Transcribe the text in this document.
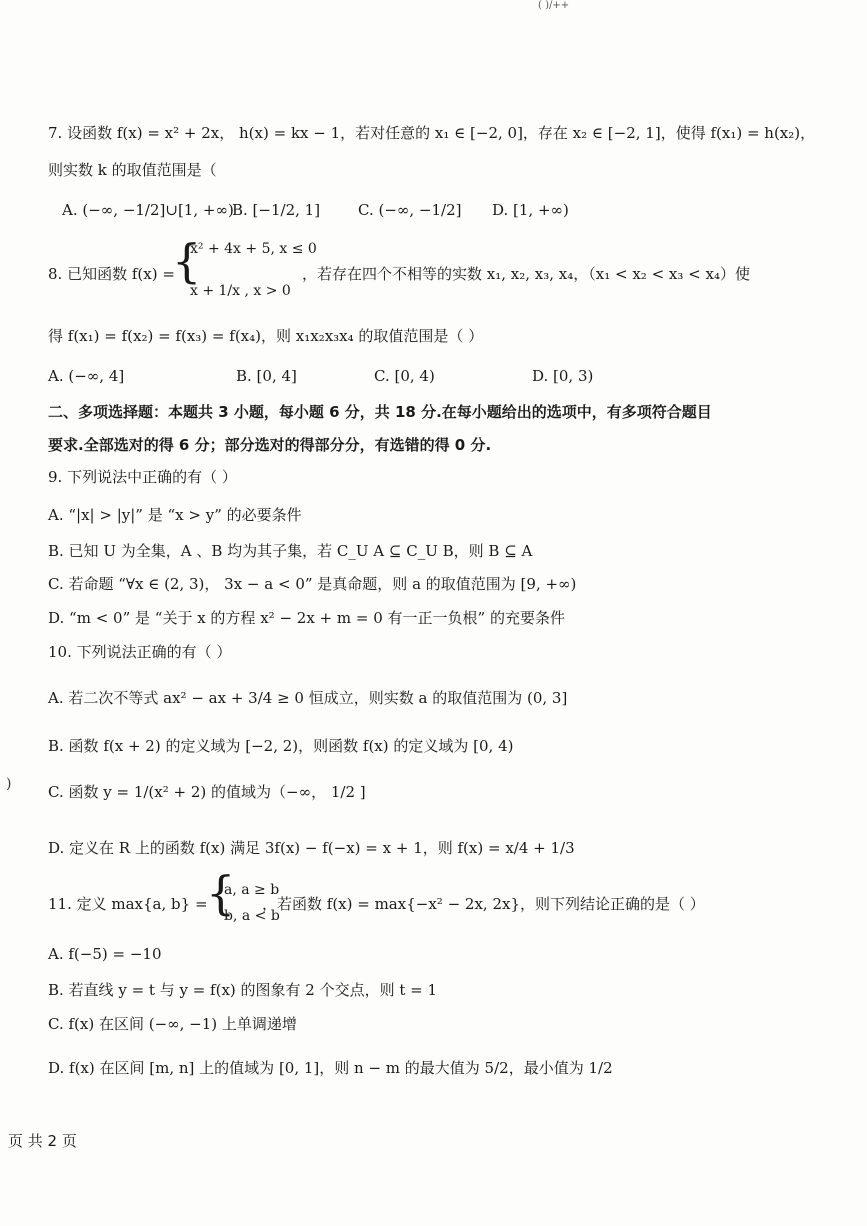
( )/++
7. 设函数 f(x) = x² + 2x， h(x) = kx − 1，若对任意的 x₁ ∈ [−2, 0]，存在 x₂ ∈ [−2, 1]，使得 f(x₁) = h(x₂)，
则实数 k 的取值范围是（
A. (−∞, −1/2]∪[1, +∞)
B. [−1/2, 1]	C. (−∞, −1/2] D. [1, +∞)
8. 已知函数 f(x) =
{
x² + 4x + 5, x ≤ 0
x + 1/x , x > 0
，若存在四个不相等的实数 x₁, x₂, x₃, x₄，（x₁ < x₂ < x₃ < x₄）使
得 f(x₁) = f(x₂) = f(x₃) = f(x₄)，则 x₁x₂x₃x₄ 的取值范围是（ ）
A. (−∞, 4]	B. [0, 4]	C. [0, 4)	D. [0, 3)
二、多项选择题：本题共 3 小题，每小题 6 分，共 18 分.在每小题给出的选项中，有多项符合题目
要求.全部选对的得 6 分；部分选对的得部分分，有选错的得 0 分.
9. 下列说法中正确的有（ ）
A. “|x| > |y|” 是 “x > y” 的必要条件
B. 已知 U 为全集，A 、B 均为其子集，若 C_U A ⊆ C_U B，则 B ⊆ A
C. 若命题 “∀x ∈ (2, 3)， 3x − a < 0” 是真命题，则 a 的取值范围为 [9, +∞)
D. “m < 0” 是 “关于 x 的方程 x² − 2x + m = 0 有一正一负根” 的充要条件
10. 下列说法正确的有（ ）
A. 若二次不等式 ax² − ax + 3/4 ≥ 0 恒成立，则实数 a 的取值范围为 (0, 3]
B. 函数 f(x + 2) 的定义域为 [−2, 2)，则函数 f(x) 的定义域为 [0, 4)
) C. 函数 y = 1/(x² + 2) 的值域为（−∞， 1/2 ]
D. 定义在 R 上的函数 f(x) 满足 3f(x) − f(−x) = x + 1，则 f(x) = x/4 + 1/3
11. 定义 max{a, b} =
{
a, a ≥ b
b, a < b
，若函数 f(x) = max{−x² − 2x, 2x}，则下列结论正确的是（ ）
A. f(−5) = −10
B. 若直线 y = t 与 y = f(x) 的图象有 2 个交点，则 t = 1
C. f(x) 在区间 (−∞, −1) 上单调递增
D. f(x) 在区间 [m, n] 上的值域为 [0, 1]，则 n − m 的最大值为 5/2，最小值为 1/2
页 共 2 页
